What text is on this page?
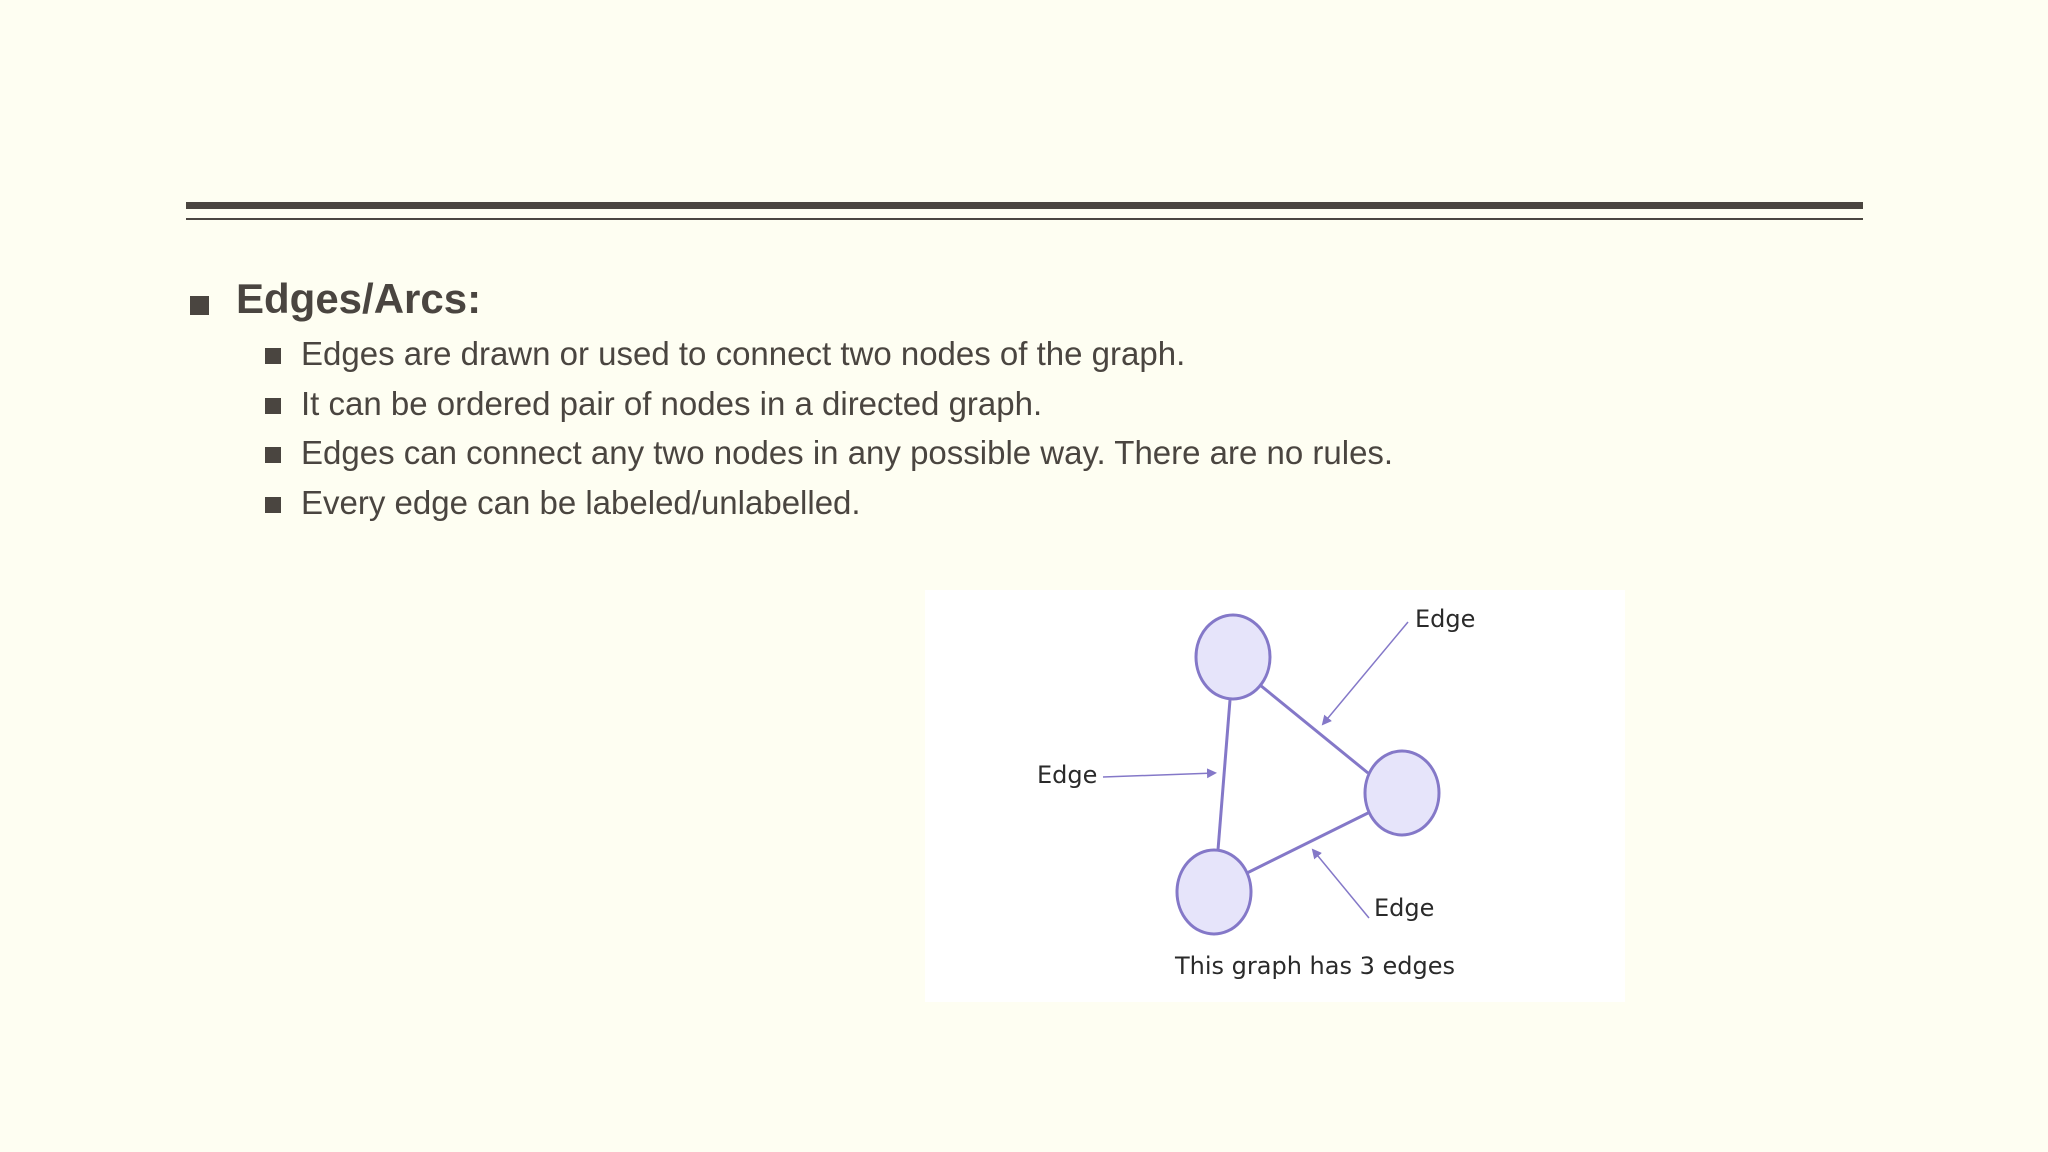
Edges/Arcs:
Edges are drawn or used to connect two nodes of the graph.
It can be ordered pair of nodes in a directed graph.
Edges can connect any two nodes in any possible way. There are no rules.
Every edge can be labeled/unlabelled.
Edge
Edge
Edge
This graph has 3 edges
